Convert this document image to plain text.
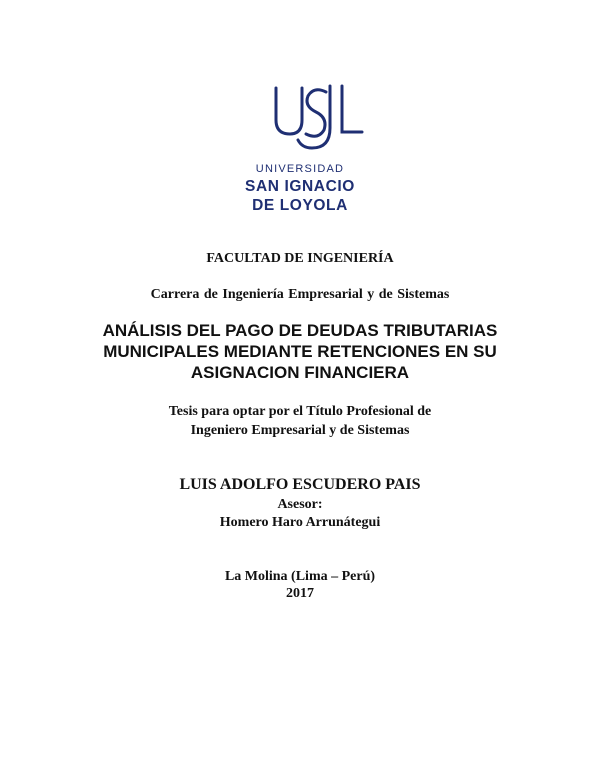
UNIVERSIDAD
SAN IGNACIO
DE LOYOLA
FACULTAD DE INGENIERÍA
Carrera de Ingeniería Empresarial y de Sistemas
ANÁLISIS DEL PAGO DE DEUDAS TRIBUTARIAS
MUNICIPALES MEDIANTE RETENCIONES EN SU
ASIGNACION FINANCIERA
Tesis para optar por el Título Profesional de
Ingeniero Empresarial y de Sistemas
LUIS ADOLFO ESCUDERO PAIS
Asesor:
Homero Haro Arrunátegui
La Molina (Lima – Perú)
2017
